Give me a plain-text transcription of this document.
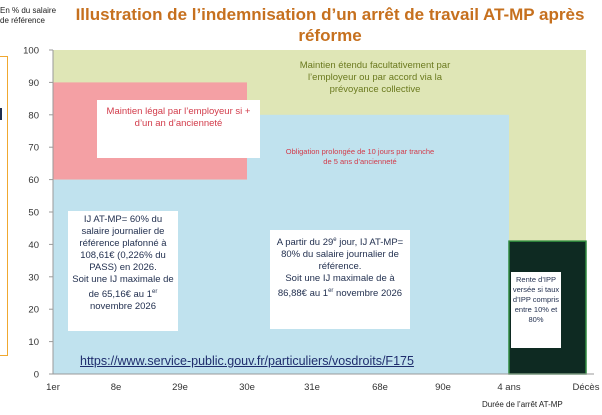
Illustration de l’indemnisation d’un arrêt de travail AT-MP après réforme
En % du salaire de référence
Durée de l’arrêt AT-MP
0
10
20
30
40
50
60
70
80
90
100
1er	8e	29e	30e	31e	68e	90e	4 ans	Décès
Maintien étendu facultativement par l’employeur ou par accord via la prévoyance collective
Maintien légal par l’employeur si + d’un an d’ancienneté
Obligation prolongée de 10 jours par tranche de 5 ans d’ancienneté
IJ AT-MP= 60% du salaire journalier de référence plafonné à 108,61€ (0,226% du PASS) en 2026.
Soit une IJ maximale de de 65,16€ au 1er novembre 2026
A partir du 29e jour, IJ AT-MP= 80% du salaire journalier de référence.
Soit une IJ maximale de à 86,88€ au 1er novembre 2026
Rente d’IPP versée si taux d’IPP compris entre 10% et 80%
https://www.service-public.gouv.fr/particuliers/vosdroits/F175
